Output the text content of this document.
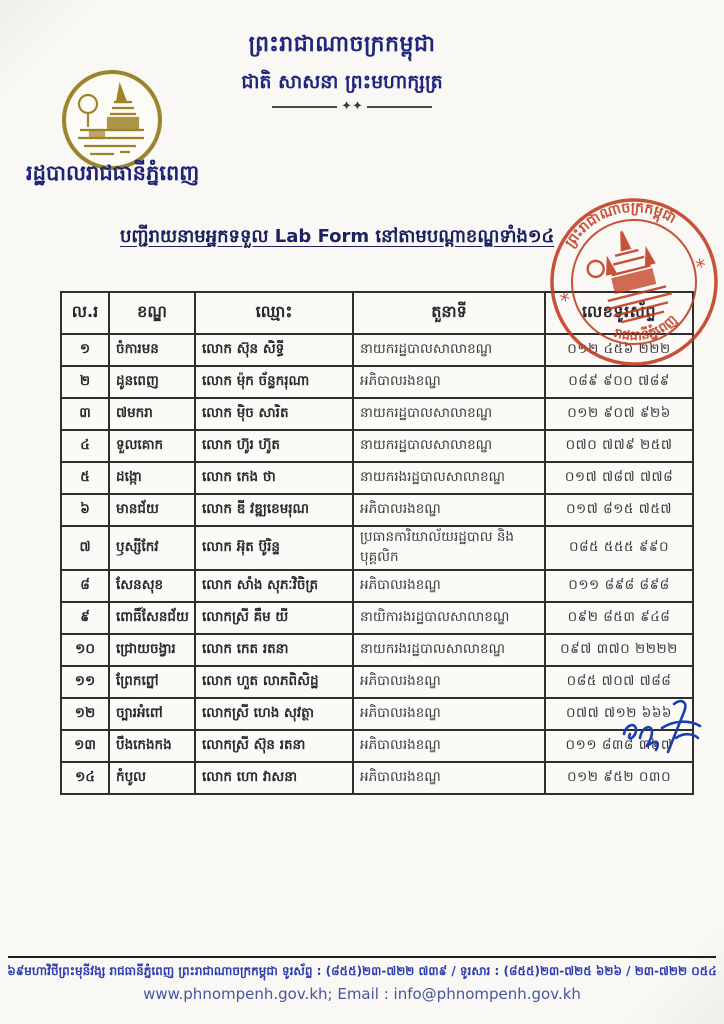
ព្រះរាជាណាចក្រកម្ពុជា
ជាតិ សាសនា ព្រះមហាក្សត្រ
✦✦
រដ្ឋបាលរាជធានីភ្នំពេញ
បញ្ជីរាយនាមអ្នកទទួល Lab Form នៅតាមបណ្តាខណ្ឌទាំង១៤ ព្រះរាជាណាចក្រកម្ពុជា
រាជធានីភ្នំពេញ
*
*
ល.រ	ខណ្ឌ	ឈ្មោះ	តួនាទី	លេខទូរស័ព្ទ
១	ចំការមន	លោក ស៊ុន សិទ្ធី	នាយករដ្ឋបាលសាលាខណ្ឌ	០១២ ៤៥៦ ២២២
២	ដូនពេញ	លោក ម៉ុក ច័ន្ទករុណា	អភិបាលរងខណ្ឌ	០៨៩ ៩០០ ៧៨៩
៣	៧មករា	លោក ម៉ិច សារិត	នាយករដ្ឋបាលសាលាខណ្ឌ	០១២ ៩០៧ ៩២៦
៤	ទួលគោក	លោក ហ៊ូរ ហ៊ូត	នាយករដ្ឋបាលសាលាខណ្ឌ	០៧០ ៧៧៩ ២៥៧
៥	ដង្កោ	លោក កេង ថា	នាយករងរដ្ឋបាលសាលាខណ្ឌ	០១៧ ៧៨៧ ៧៧៨
៦	មានជ័យ	លោក ឌី វឌ្ឍខេមរុណ	អភិបាលរងខណ្ឌ	០១៧ ៨១៥ ៧៥៧
៧	ឫស្សីកែវ	លោក អ៊ុត ប៊ូរិន្ទ	ប្រធានការិយាល័យរដ្ឋបាល និងបុគ្គលិក	០៨៥ ៥៥៥ ៩៩០
៨	សែនសុខ	លោក សាំង សុភៈវិចិត្រ	អភិបាលរងខណ្ឌ	០១១ ៨៩៨ ៨៩៨
៩	ពោធិ៍សែនជ័យ	លោកស្រី គឹម យី	នាយិការងរដ្ឋបាលសាលាខណ្ឌ	០៩២ ៨៥៣ ៩៤៨
១០	ជ្រោយចង្វារ	លោក កេត រតនា	នាយករងរដ្ឋបាលសាលាខណ្ឌ	០៩៧ ៣៧០ ២២២២
១១	ព្រែកព្នៅ	លោក ហួត លាភពិសិដ្ឋ	អភិបាលរងខណ្ឌ	០៨៥ ៧០៧ ៧៨៨
១២	ច្បារអំពៅ	លោកស្រី ហេង សុវត្ថា	អភិបាលរងខណ្ឌ	០៧៧ ៧១២ ៦៦៦
១៣	បឹងកេងកង	លោកស្រី ស៊ុន រតនា	អភិបាលរងខណ្ឌ	០១១ ៨៣៨ ៣៦៧
១៤	កំបូល	លោក ហោ វាសនា	អភិបាលរងខណ្ឌ	០១២ ៩៥២ ០៣០
៦៩មហាវិថីព្រះមុនីវង្ស រាជធានីភ្នំពេញ ព្រះរាជាណាចក្រកម្ពុជា ទូរស័ព្ទ : (៨៥៥)២៣-៧២២ ៧៣៩ / ទូរសារ : (៨៥៥)២៣-៧២៥ ៦២៦ / ២៣-៧២២ ០៥៤
www.phnompenh.gov.kh; Email : info@phnompenh.gov.kh
